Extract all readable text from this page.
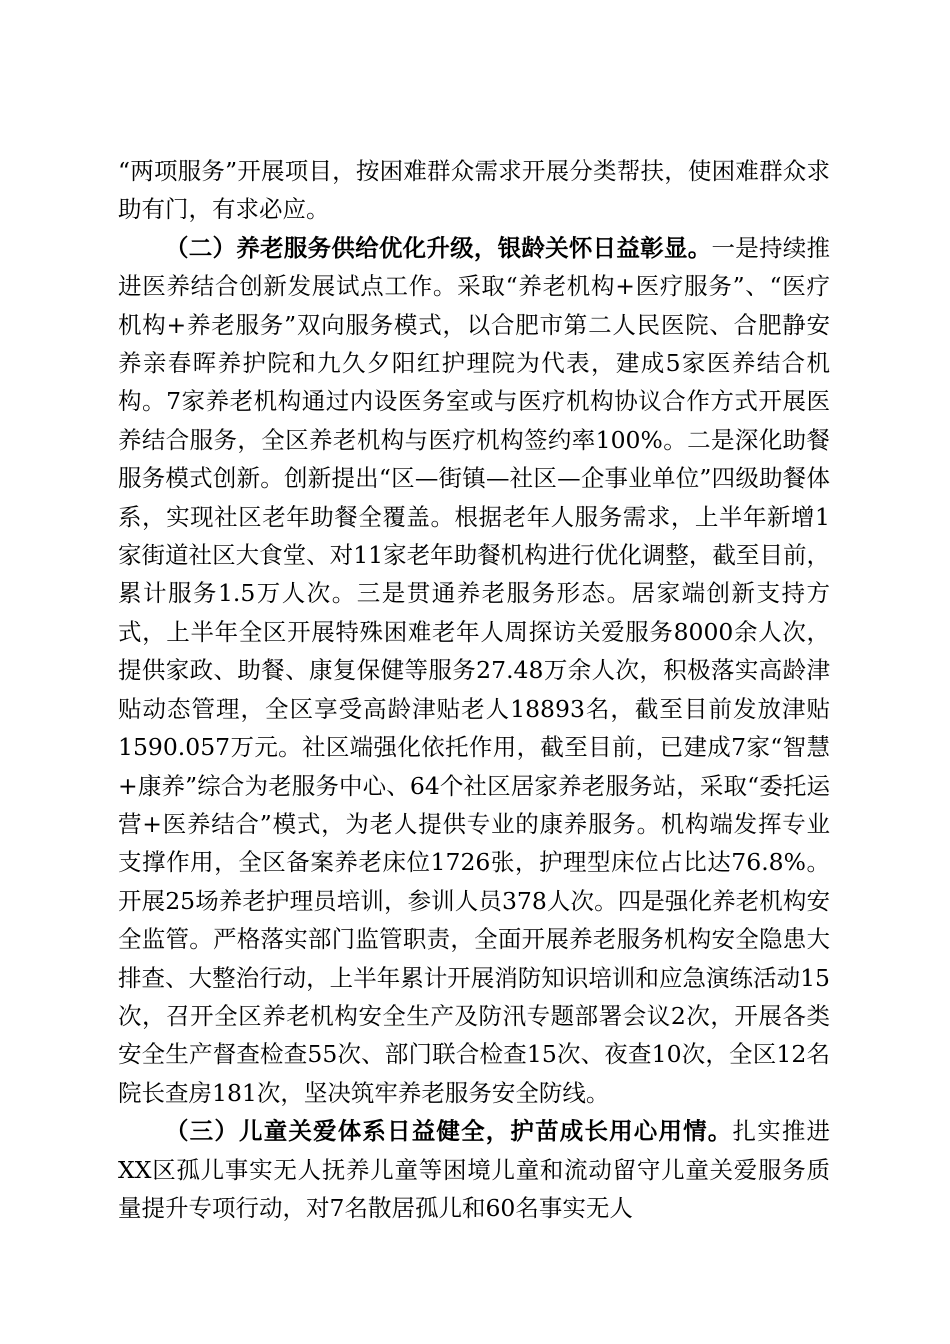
“两项服务”开展项目，按困难群众需求开展分类帮扶，使困难群众求助有门，有求必应。

（二）养老服务供给优化升级，银龄关怀日益彰显。一是持续推进医养结合创新发展试点工作。采取“养老机构+医疗服务”、“医疗机构+养老服务”双向服务模式，以合肥市第二人民医院、合肥静安养亲春晖养护院和九久夕阳红护理院为代表，建成5家医养结合机构。7家养老机构通过内设医务室或与医疗机构协议合作方式开展医养结合服务，全区养老机构与医疗机构签约率100%。二是深化助餐服务模式创新。创新提出“区—街镇—社区—企事业单位”四级助餐体系，实现社区老年助餐全覆盖。根据老年人服务需求，上半年新增1家街道社区大食堂、对11家老年助餐机构进行优化调整，截至目前，累计服务1.5万人次。三是贯通养老服务形态。居家端创新支持方式，上半年全区开展特殊困难老年人周探访关爱服务8000余人次，提供家政、助餐、康复保健等服务27.48万余人次，积极落实高龄津贴动态管理，全区享受高龄津贴老人18893名，截至目前发放津贴1590.057万元。社区端强化依托作用，截至目前，已建成7家“智慧+康养”综合为老服务中心、64个社区居家养老服务站，采取“委托运营+医养结合”模式，为老人提供专业的康养服务。机构端发挥专业支撑作用，全区备案养老床位1726张，护理型床位占比达76.8%。开展25场养老护理员培训，参训人员378人次。四是强化养老机构安全监管。严格落实部门监管职责，全面开展养老服务机构安全隐患大排查、大整治行动，上半年累计开展消防知识培训和应急演练活动15次，召开全区养老机构安全生产及防汛专题部署会议2次，开展各类安全生产督查检查55次、部门联合检查15次、夜查10次，全区12名院长查房181次，坚决筑牢养老服务安全防线。

（三）儿童关爱体系日益健全，护苗成长用心用情。扎实推进XX区孤儿事实无人抚养儿童等困境儿童和流动留守儿童关爱服务质量提升专项行动，对7名散居孤儿和60名事实无人
